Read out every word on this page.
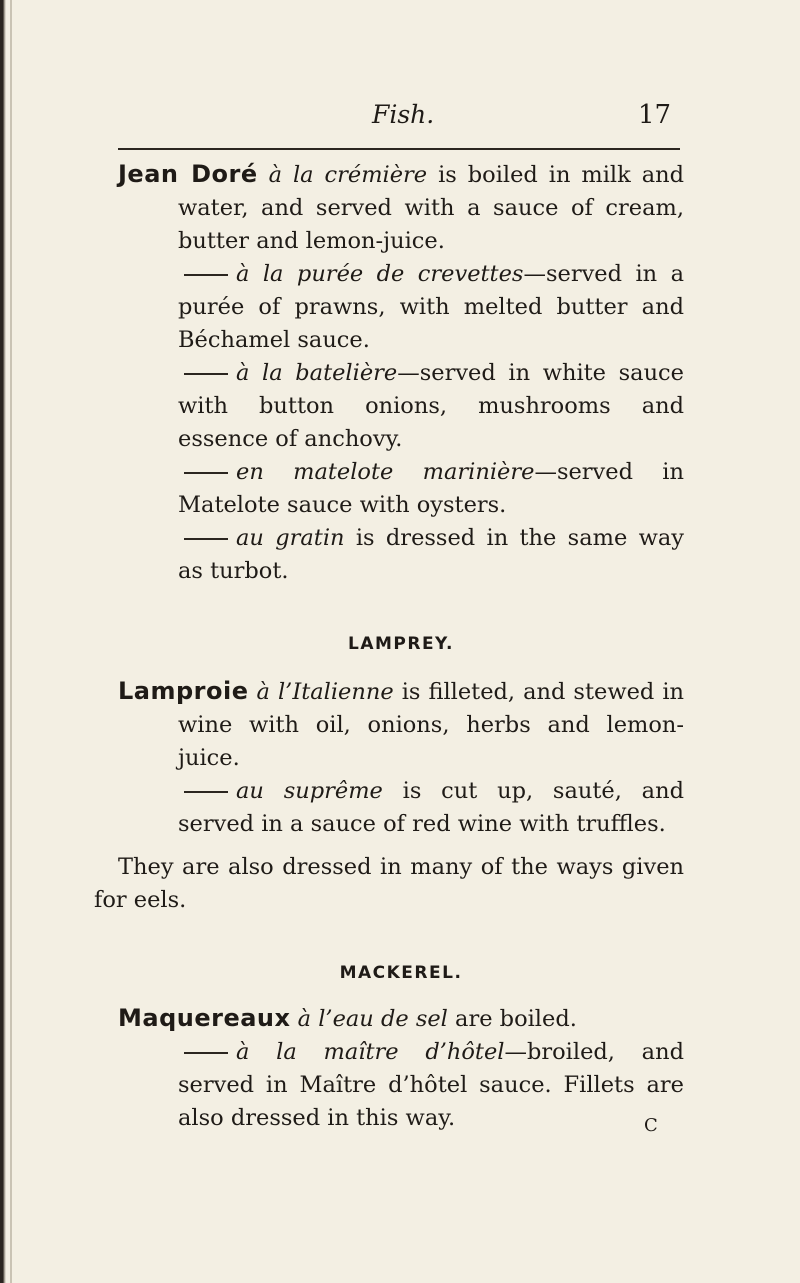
Fish.	17

Jean Doré à la crémière is boiled in milk and water, and served with a sauce of cream, butter and lemon-juice.

à la purée de crevettes—served in a purée of prawns, with melted butter and Béchamel sauce.

à la batelière—served in white sauce with button onions, mushrooms and essence of anchovy.

en matelote marinière—served in Matelote sauce with oysters.

au gratin is dressed in the same way as turbot.

LAMPREY.

Lamproie à l’Italienne is filleted, and stewed in wine with oil, onions, herbs and lemon-juice.

au suprême is cut up, sauté, and served in a sauce of red wine with truffles.

They are also dressed in many of the ways given for eels.

MACKEREL.

Maquereaux à l’eau de sel are boiled.

à la maître d’hôtel—broiled, and served in Maître d’hôtel sauce. Fillets are also dressed in this way.	C
